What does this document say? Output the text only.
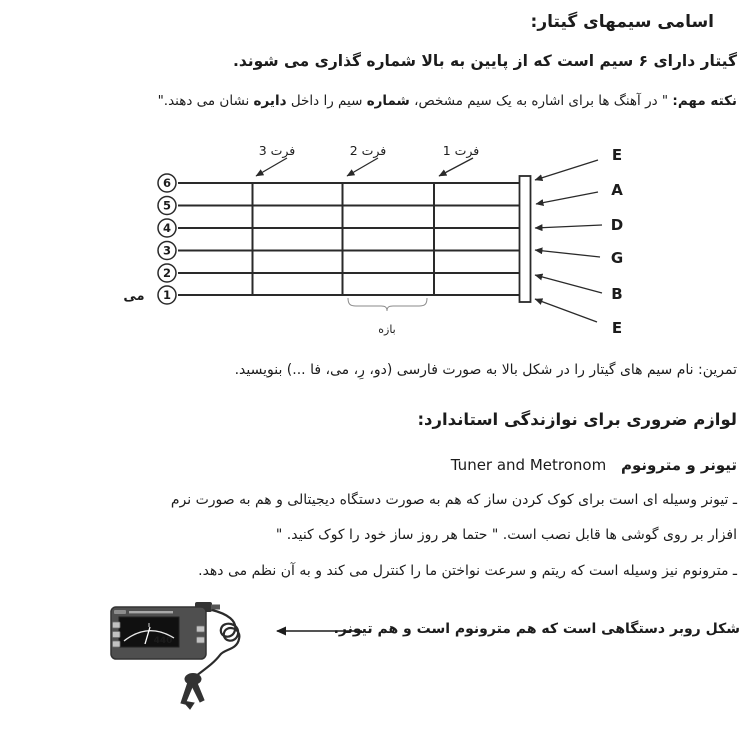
اسامی سیمهای گیتار:
گیتار دارای ۶ سیم است که از پایین به بالا شماره گذاری می شوند.
نکته مهم: " در آهنگ ها برای اشاره به یک سیم مشخص، شماره سیم را داخل دایره نشان می دهند."
6
5
4
3
2
1
می
فرت 3	فرت 2	فرت 1	E
A
D
G
B
E
بازه
تمرین: نام سیم های گیتار را در شکل بالا به صورت فارسی (دو، رِ، می، فا ...) بنویسید.
لوازم ضروری برای نوازندگی استاندارد:
تیونر و مترونوم Tuner and Metronom
ـ تیونر وسیله ای است برای کوک کردن ساز که هم به صورت دستگاه دیجیتالی و هم به صورت نرم
افزار بر روی گوشی ها قابل نصب است. " حتما هر روز ساز خود را کوک کنید. "
ـ مترونوم نیز وسیله است که ریتم و سرعت نواختن ما را کنترل می کند و به آن نظم می دهد.
440
شکل روبر دستگاهی است که هم مترونوم است و هم تیونر.
